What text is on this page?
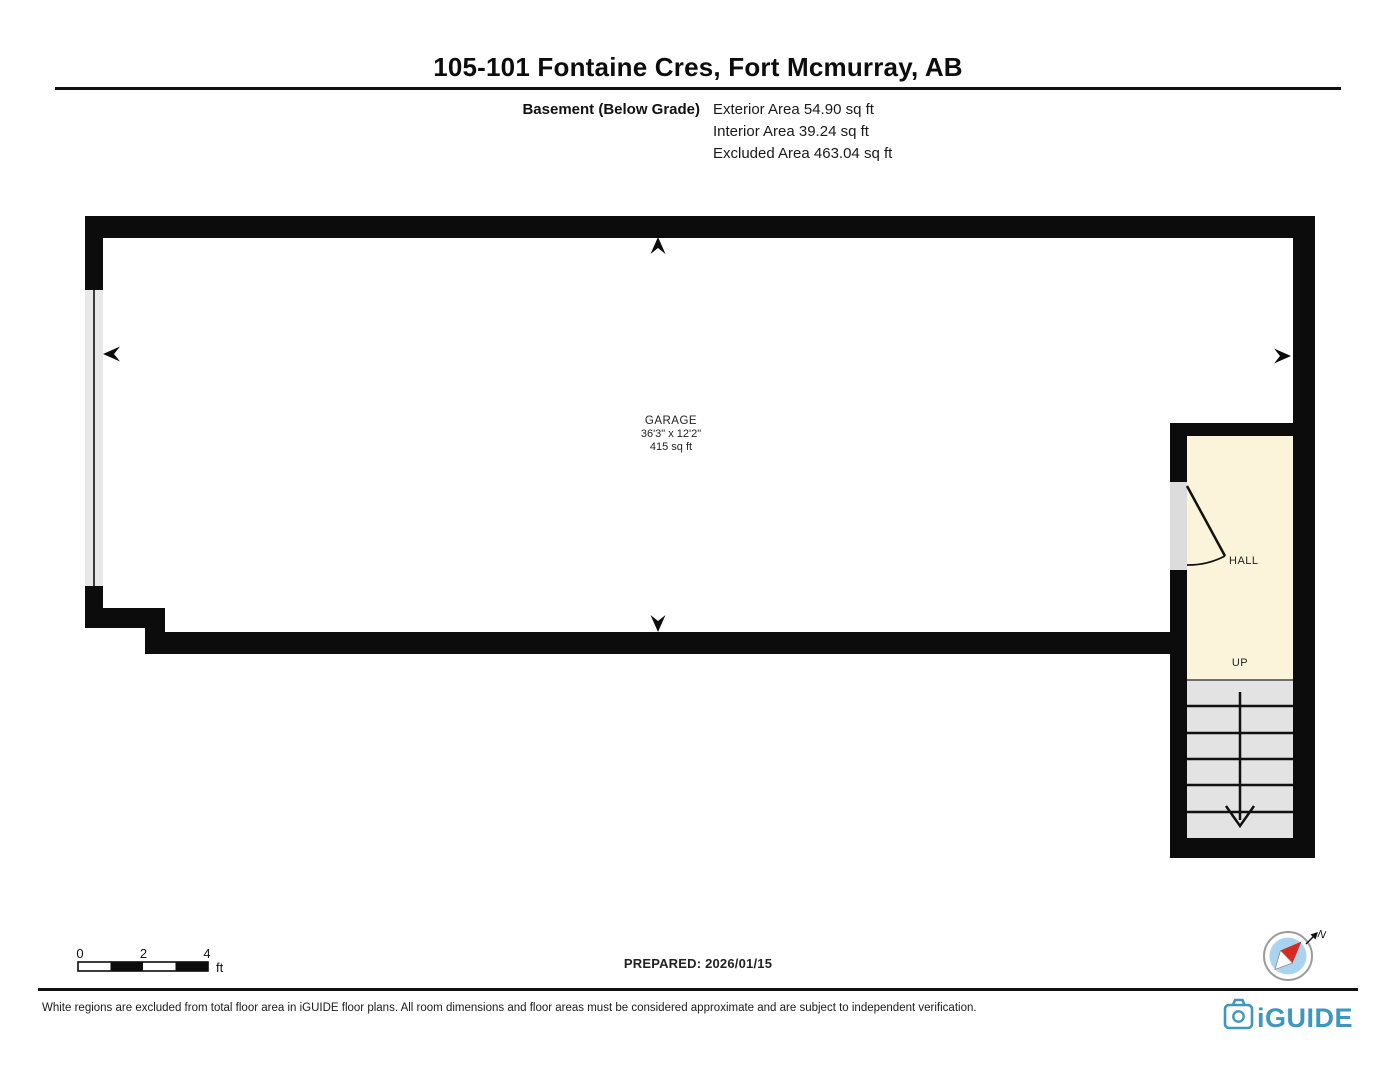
105-101 Fontaine Cres, Fort Mcmurray, AB
Basement (Below Grade) Exterior Area 54.90 sq ft
Interior Area 39.24 sq ft
Excluded Area 463.04 sq ft
GARAGE
36'3" x 12'2"
415 sq ft
HALL
UP
0	2	4
ft
N
iGUIDE
PREPARED: 2026/01/15
White regions are excluded from total floor area in iGUIDE floor plans. All room dimensions and floor areas must be considered approximate and are subject to independent verification.
